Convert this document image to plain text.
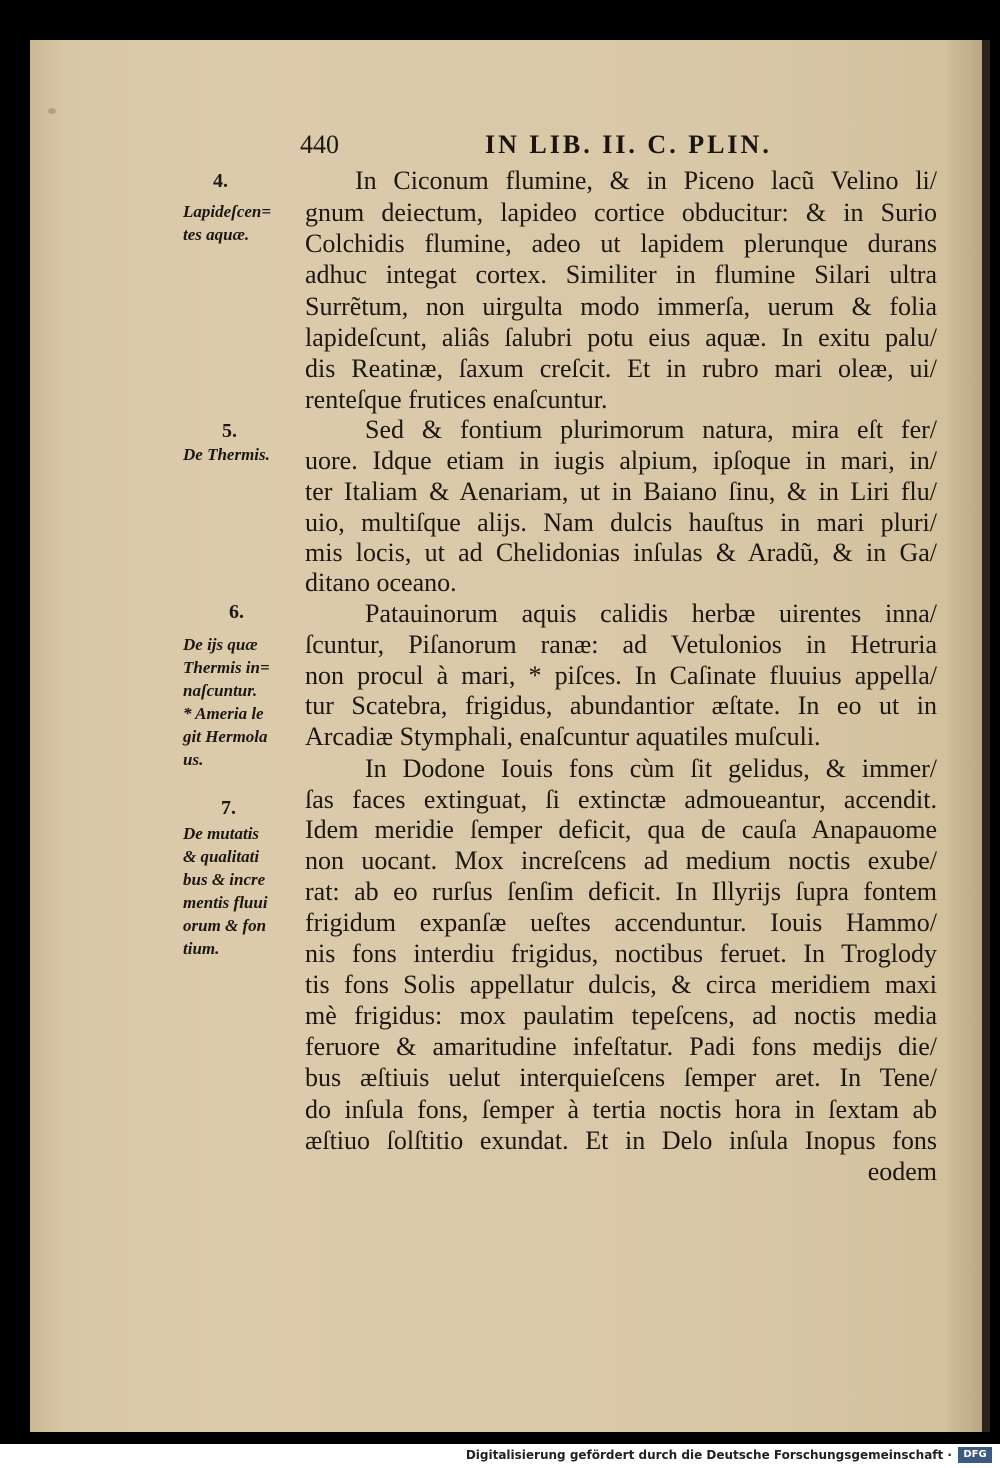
440	IN LIB. II. C. PLIN.
4.
Lapideſcen=
tes aquæ.
5.
De Thermis.
6.
De ijs quæ
Thermis in=
naſcuntur.
* Ameria le
git Hermola
us.
7.
De mutatis
& qualitati
bus & incre
mentis fluui
orum & fon
tium.
In Ciconum flumine, & in Piceno lacũ Velino li/
gnum deiectum, lapideo cortice obducitur: & in Surio
Colchidis flumine, adeo ut lapidem plerunque durans
adhuc integat cortex. Similiter in flumine Silari ultra
Surrẽtum, non uirgulta modo immerſa, uerum & folia
lapideſcunt, aliâs ſalubri potu eius aquæ. In exitu palu/
dis Reatinæ, ſaxum creſcit. Et in rubro mari oleæ, ui/
renteſque frutices enaſcuntur.
Sed & fontium plurimorum natura, mira eſt fer/
uore. Idque etiam in iugis alpium, ipſoque in mari, in/
ter Italiam & Aenariam, ut in Baiano ſinu, & in Liri flu/
uio, multiſque alijs. Nam dulcis hauſtus in mari pluri/
mis locis, ut ad Chelidonias inſulas & Aradũ, & in Ga/
ditano oceano.
Patauinorum aquis calidis herbæ uirentes inna/
ſcuntur, Piſanorum ranæ: ad Vetulonios in Hetruria
non procul à mari, * piſces. In Caſinate fluuius appella/
tur Scatebra, frigidus, abundantior æſtate. In eo ut in
Arcadiæ Stymphali, enaſcuntur aquatiles muſculi.
In Dodone Iouis fons cùm ſit gelidus, & immer/
ſas faces extinguat, ſi extinctæ admoueantur, accendit.
Idem meridie ſemper deficit, qua de cauſa Anapauome
non uocant. Mox increſcens ad medium noctis exube/
rat: ab eo rurſus ſenſim deficit. In Illyrijs ſupra fontem
frigidum expanſæ ueſtes accenduntur. Iouis Hammo/
nis fons interdiu frigidus, noctibus feruet. In Troglody
tis fons Solis appellatur dulcis, & circa meridiem maxi
mè frigidus: mox paulatim tepeſcens, ad noctis media
feruore & amaritudine infeſtatur. Padi fons medijs die/
bus æſtiuis uelut interquieſcens ſemper aret. In Tene/
do inſula fons, ſemper à tertia noctis hora in ſextam ab
æſtiuo ſolſtitio exundat. Et in Delo inſula Inopus fons
eodem
Digitalisierung gefördert durch die Deutsche Forschungsgemeinschaft ·	DFG
